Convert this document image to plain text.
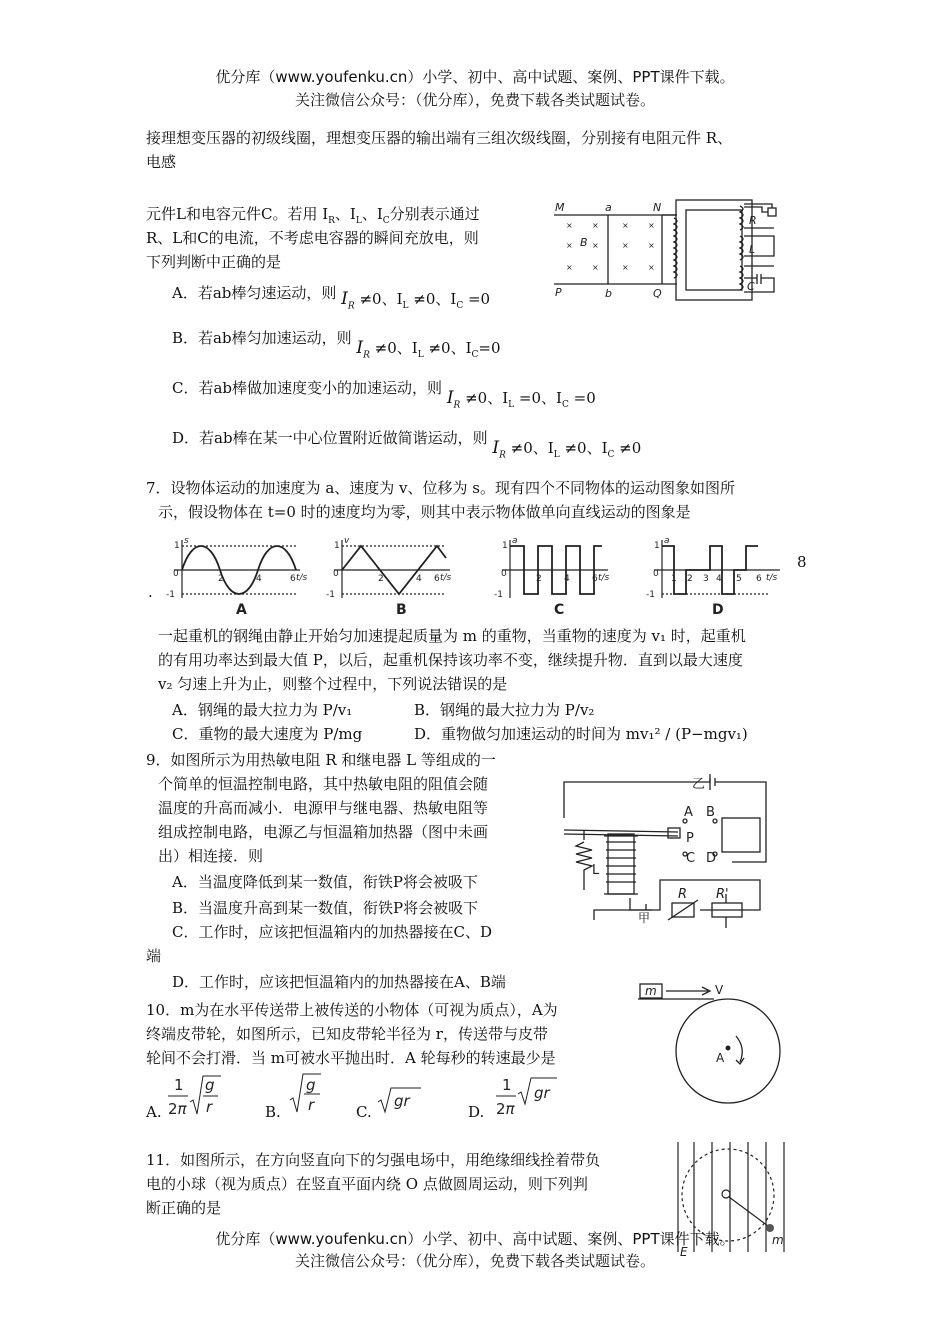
优分库（www.youfenku.cn）小学、初中、高中试题、案例、PPT课件下载。
关注微信公众号：（优分库），免费下载各类试题试卷。
接理想变压器的初级线圈，理想变压器的输出端有三组次级线圈，分别接有电阻元件 R、
电感
元件L和电容元件C。若用 $I_R$、$I_L$、$I_C$分别表示通过
R、L和C的电流，不考虑电容器的瞬间充放电，则
下列判断中正确的是
A．若ab棒匀速运动，则 $I_R \ne 0$、$I_L \ne 0$、$I_C =0$
B．若ab棒匀加速运动，则 $I_R \ne 0$、$I_L \ne 0$、$I_C=0$
C．若ab棒做加速度变小的加速运动，则 $I_R \ne 0$、$I_L =0$、$I_C =0$
D．若ab棒在某一中心位置附近做简谐运动，则 $I_R \ne 0$、$I_L \ne 0$、$I_C \ne 0$
M	a	N
B
P	b	Q
R
L
C
× ×	× ×
× ×	× ×
× ×	× ×
7．设物体运动的加速度为 a、速度为 v、位移为 s。现有四个不同物体的运动图象如图所
示，假设物体在 t=0 时的速度均为零，则其中表示物体做单向直线运动的图象是
s
1
0
-1
2	4	6 t/s
A
v
1
0
-1
2	4 6 t/s
B
a
1
0
-1
2 4 6 t/s
C
a
1
0
-1
1 2 3 4 5 6 t/s
D
8
.
一起重机的钢绳由静止开始匀加速提起质量为 m 的重物，当重物的速度为 v₁ 时，起重机
的有用功率达到最大值 P，以后，起重机保持该功率不变，继续提升物．直到以最大速度
v₂ 匀速上升为止，则整个过程中，下列说法错误的是
A．钢绳的最大拉力为 P/v₁	B．钢绳的最大拉力为 P/v₂
C．重物的最大速度为 P/mg	D．重物做匀加速运动的时间为 mv₁² / (P−mgv₁)
9．如图所示为用热敏电阻 R 和继电器 L 等组成的一
个简单的恒温控制电路，其中热敏电阻的阻值会随
温度的升高而减小．电源甲与继电器、热敏电阻等
组成控制电路，电源乙与恒温箱加热器（图中未画
出）相连接．则
A．当温度降低到某一数值，衔铁P将会被吸下
B．当温度升高到某一数值，衔铁P将会被吸下
C．工作时，应该把恒温箱内的加热器接在C、D
端
D．工作时，应该把恒温箱内的加热器接在A、B端
乙
A B
P
C D
L
R R'
甲
10．m为在水平传送带上被传送的小物体（可视为质点），A为
终端皮带轮，如图所示，已知皮带轮半径为 r，传送带与皮带
轮间不会打滑．当 m可被水平抛出时．A 轮每秒的转速最少是
A.
1
2π
g
r	B.
g
r	C.
gr
D.
1
2π
gr
m	V
A
11．如图所示，在方向竖直向下的匀强电场中，用绝缘细线拴着带负
电的小球（视为质点）在竖直平面内绕 O 点做圆周运动，则下列判
断正确的是
m
E
优分库（www.youfenku.cn）小学、初中、高中试题、案例、PPT课件下载。
关注微信公众号：（优分库），免费下载各类试题试卷。
